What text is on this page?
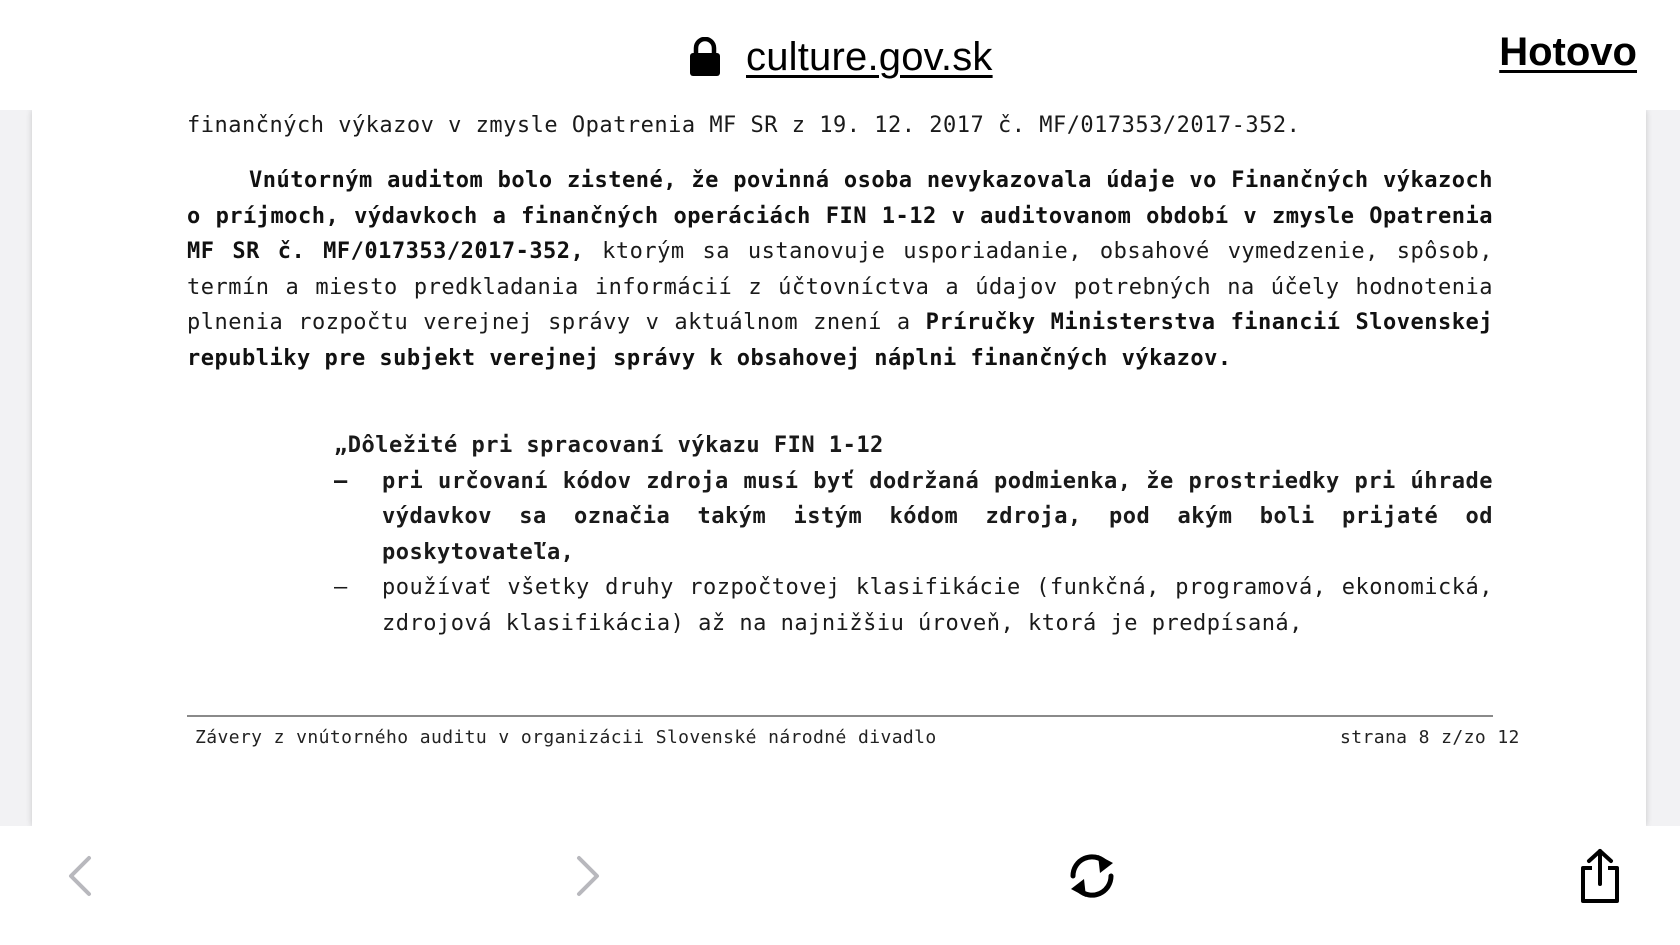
culture.gov.sk	Hotovo
finančných výkazov v zmysle Opatrenia MF SR z 19. 12. 2017 č. MF/017353/2017-352.
Vnútorným auditom bolo zistené, že povinná osoba nevykazovala údaje vo Finančných výkazoch o príjmoch, výdavkoch a finančných operáciách FIN 1-12 v auditovanom období v zmysle Opatrenia MF SR č. MF/017353/2017-352, ktorým sa ustanovuje usporiadanie, obsahové vymedzenie, spôsob, termín a miesto predkladania informácií z účtovníctva a údajov potrebných na účely hodnotenia plnenia rozpočtu verejnej správy v aktuálnom znení a Príručky Ministerstva financií Slovenskej republiky pre subjekt verejnej správy k obsahovej náplni finančných výkazov.
„Dôležité pri spracovaní výkazu FIN 1-12
– pri určovaní kódov zdroja musí byť dodržaná podmienka, že prostriedky pri úhrade výdavkov sa označia takým istým kódom zdroja, pod akým boli prijaté od poskytovateľa,
– používať všetky druhy rozpočtovej klasifikácie (funkčná, programová, ekonomická, zdrojová klasifikácia) až na najnižšiu úroveň, ktorá je predpísaná,
Závery z vnútorného auditu v organizácii Slovenské národné divadlo	strana 8 z/zo 12
